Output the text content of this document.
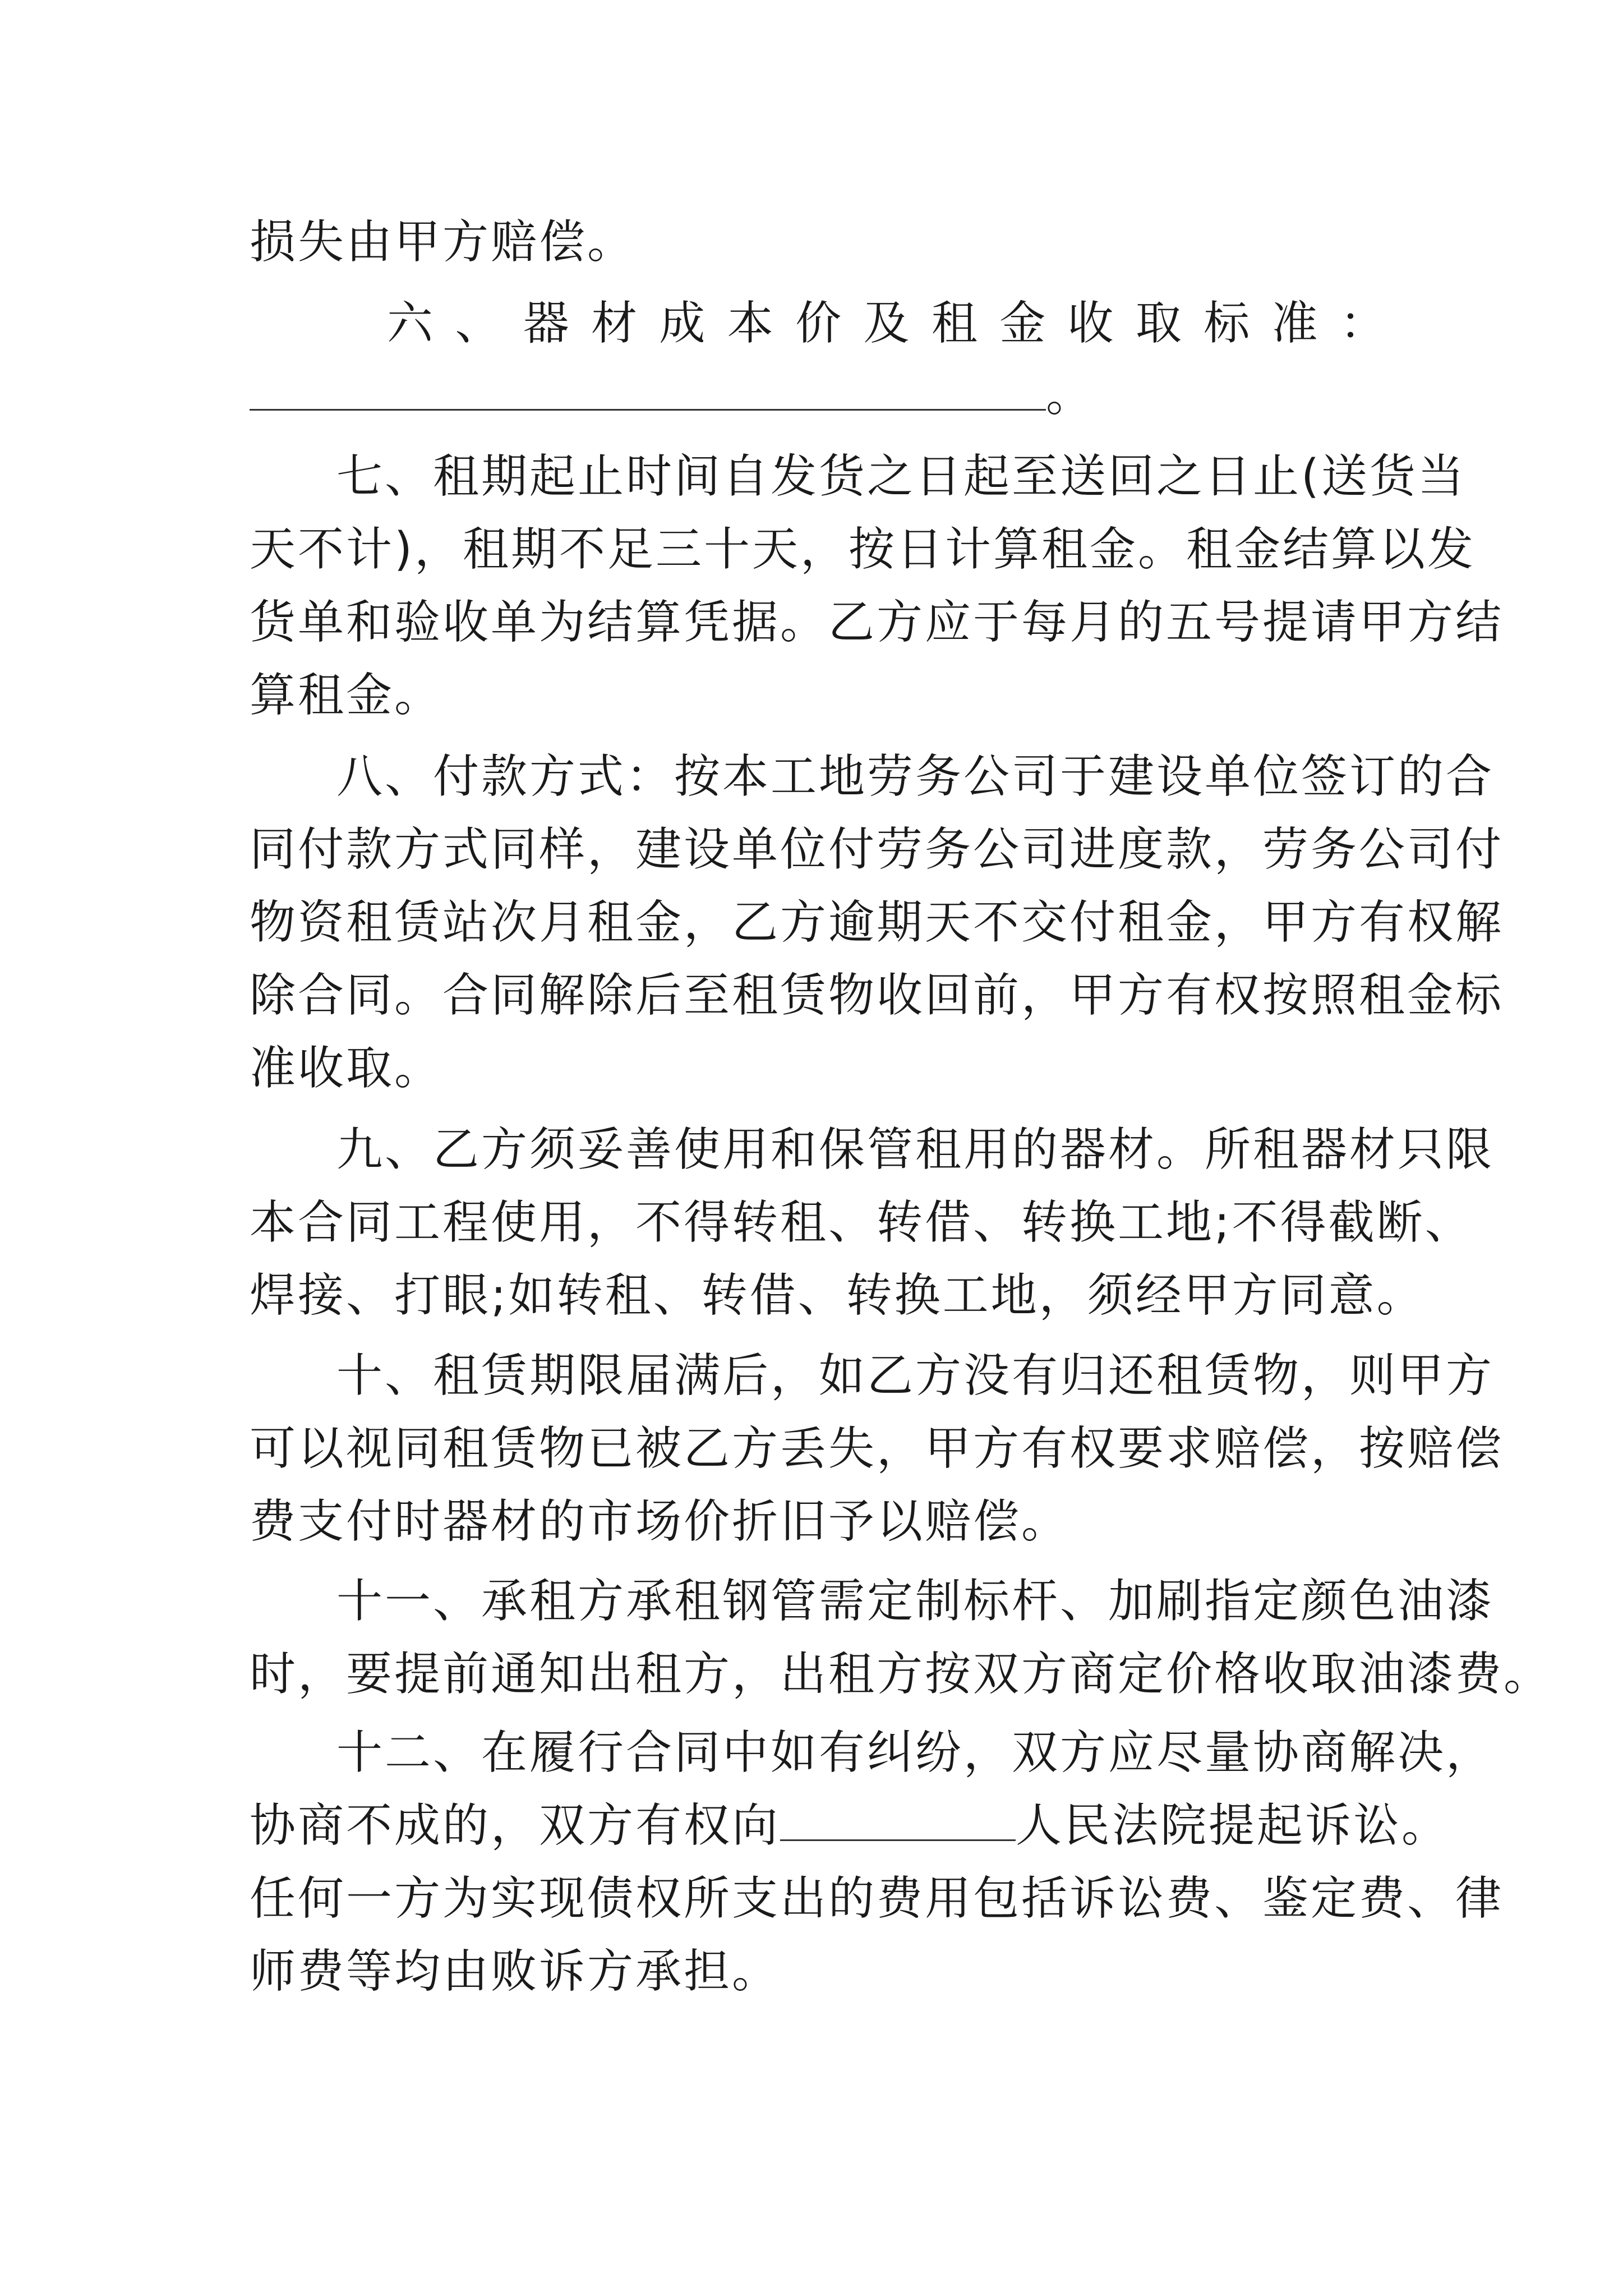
损失由甲方赔偿。
六、器材成本价及租金收取标准：
。
七、租期起止时间自发货之日起至送回之日止(送货当
天不计)，租期不足三十天，按日计算租金。租金结算以发
货单和验收单为结算凭据。乙方应于每月的五号提请甲方结
算租金。
八、付款方式：按本工地劳务公司于建设单位签订的合
同付款方式同样，建设单位付劳务公司进度款，劳务公司付
物资租赁站次月租金，乙方逾期天不交付租金，甲方有权解
除合同。合同解除后至租赁物收回前，甲方有权按照租金标
准收取。
九、乙方须妥善使用和保管租用的器材。所租器材只限
本合同工程使用，不得转租、转借、转换工地;不得截断、
焊接、打眼;如转租、转借、转换工地，须经甲方同意。
十、租赁期限届满后，如乙方没有归还租赁物，则甲方
可以视同租赁物已被乙方丢失，甲方有权要求赔偿，按赔偿
费支付时器材的市场价折旧予以赔偿。
十一、承租方承租钢管需定制标杆、加刷指定颜色油漆
时，要提前通知出租方，出租方按双方商定价格收取油漆费。
十二、在履行合同中如有纠纷，双方应尽量协商解决，
协商不成的，双方有权向	人民法院提起诉讼。
任何一方为实现债权所支出的费用包括诉讼费、鉴定费、律
师费等均由败诉方承担。
